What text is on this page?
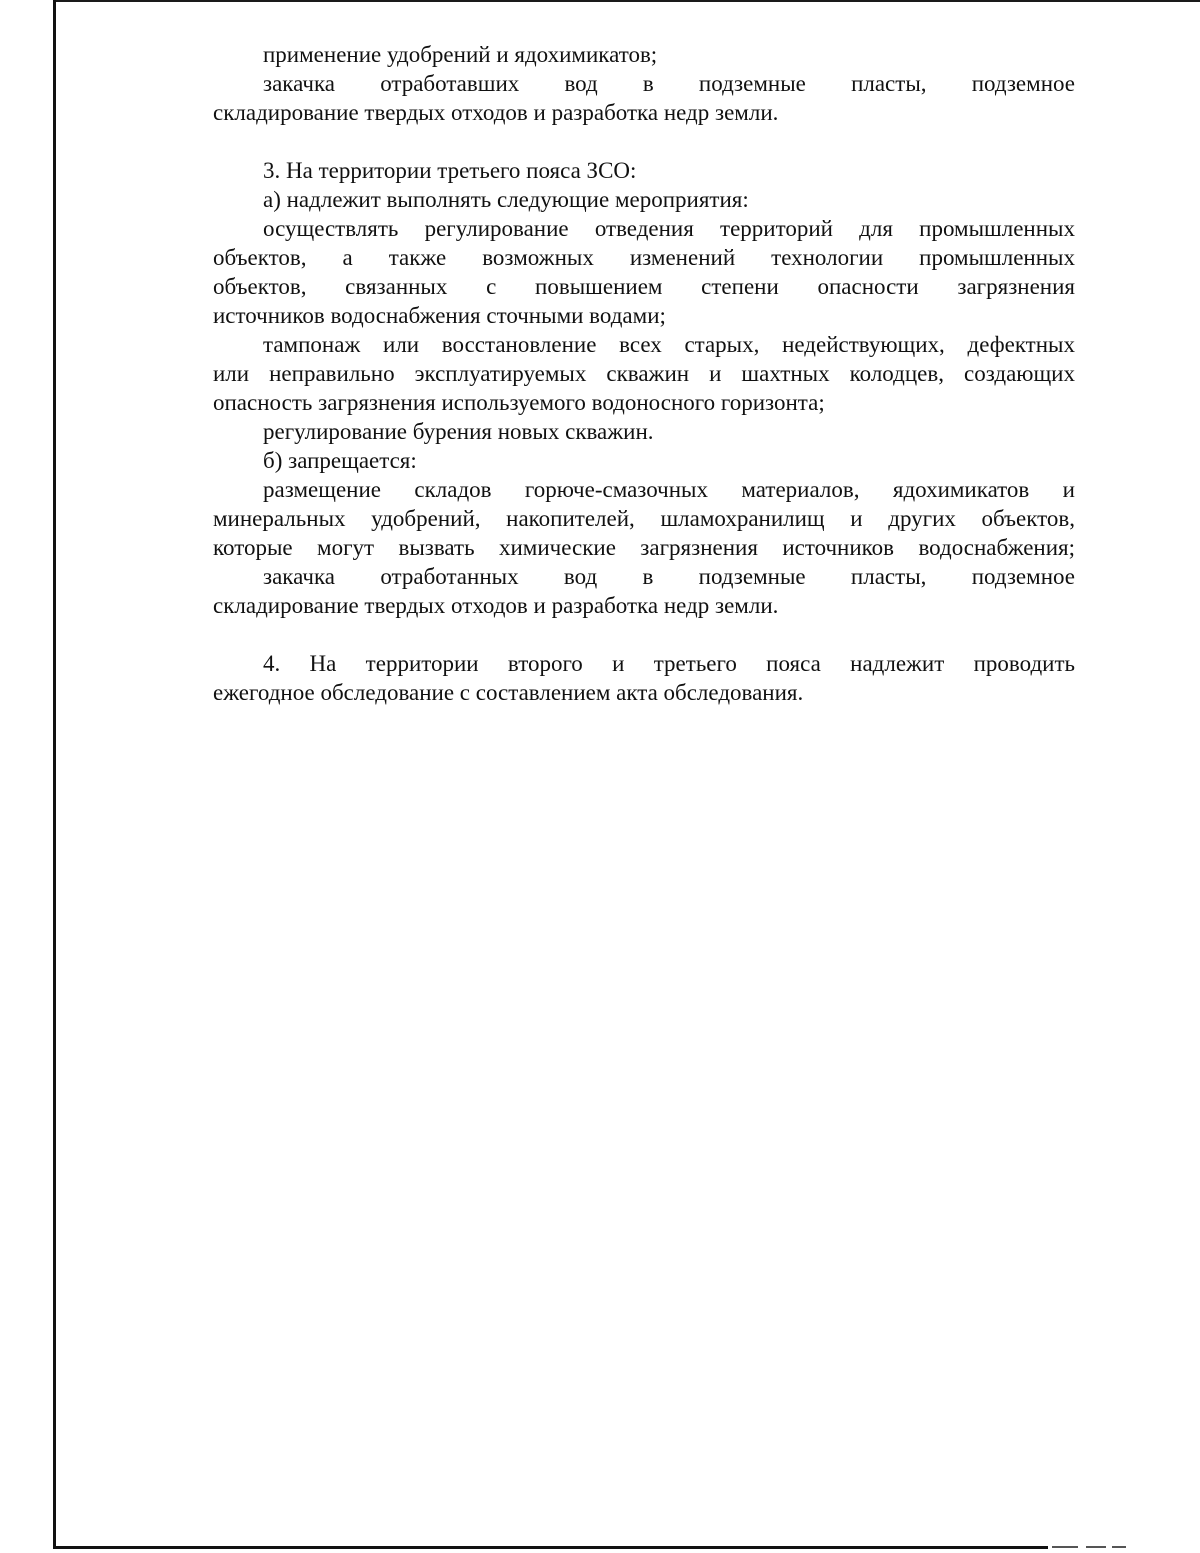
применение удобрений и ядохимикатов;
закачка отработавших вод в подземные пласты, подземное
складирование твердых отходов и разработка недр земли.
3. На территории третьего пояса ЗСО:
а) надлежит выполнять следующие мероприятия:
осуществлять регулирование отведения территорий для промышленных
объектов, а также возможных изменений технологии промышленных
объектов, связанных с повышением степени опасности загрязнения
источников водоснабжения сточными водами;
тампонаж или восстановление всех старых, недействующих, дефектных
или неправильно эксплуатируемых скважин и шахтных колодцев, создающих
опасность загрязнения используемого водоносного горизонта;
регулирование бурения новых скважин.
б) запрещается:
размещение складов горюче-смазочных материалов, ядохимикатов и
минеральных удобрений, накопителей, шламохранилищ и других объектов,
которые могут вызвать химические загрязнения источников водоснабжения;
закачка отработанных вод в подземные пласты, подземное
складирование твердых отходов и разработка недр земли.
4. На территории второго и третьего пояса надлежит проводить
ежегодное обследование с составлением акта обследования.
